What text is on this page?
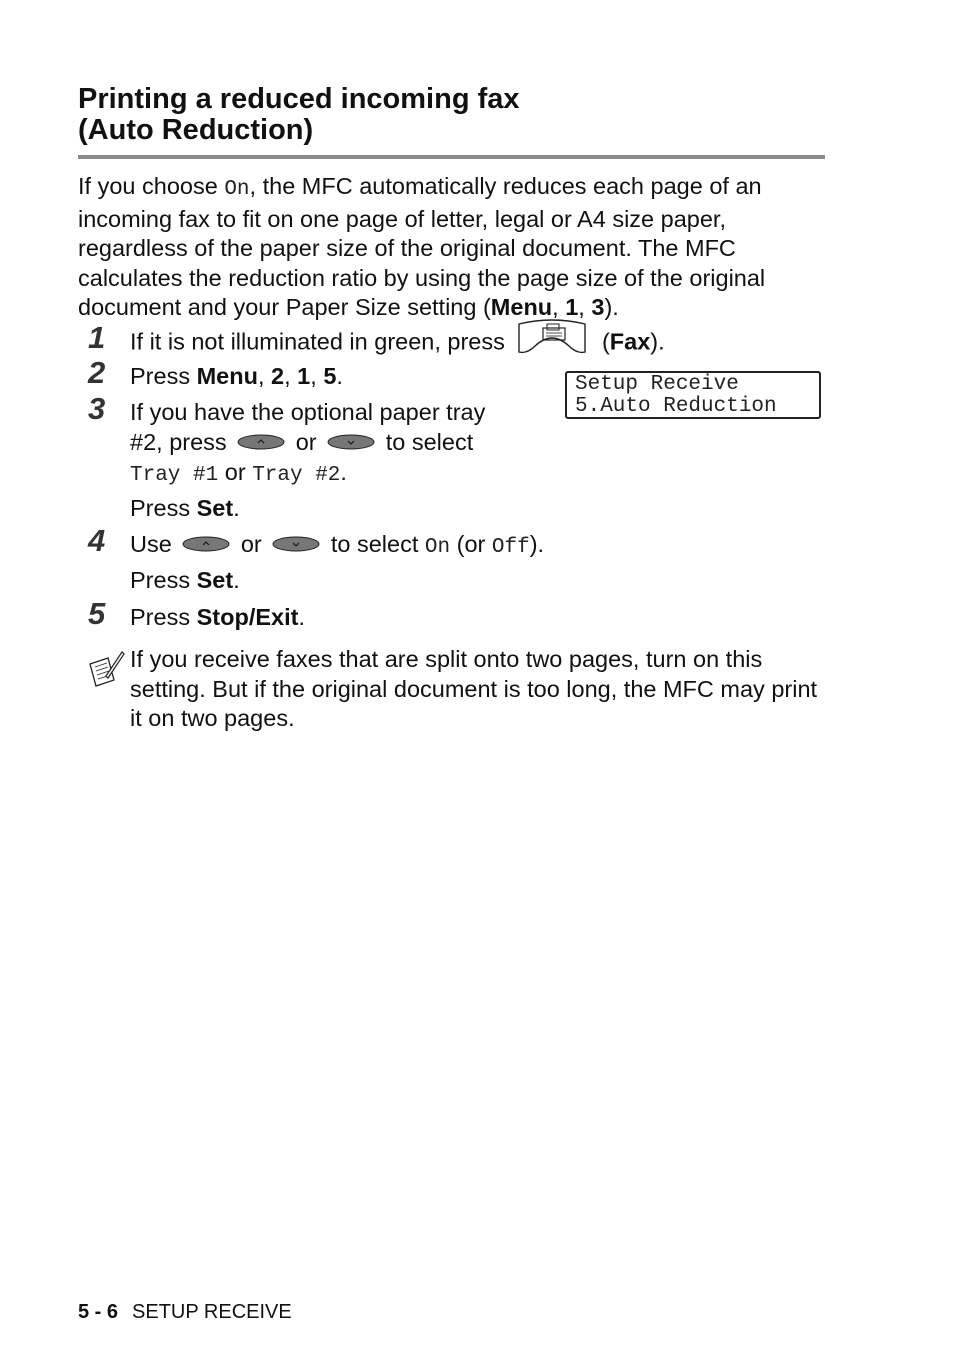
Printing a reduced incoming fax
(Auto Reduction)

If you choose On, the MFC automatically reduces each page of an incoming fax to fit on one page of letter, legal or A4 size paper, regardless of the paper size of the original document. The MFC calculates the reduction ratio by using the page size of the original document and your Paper Size setting (Menu, 1, 3).

1 If it is not illuminated in green, press	(Fax).
Setup Receive
5.Auto Reduction
2 Press Menu, 2, 1, 5.
3 If you have the optional paper tray
#2, press	or	to select
Tray #1 or Tray #2.
Press Set.
4 Use	or	to select On (or Off).
Press Set.
5 Press Stop/Exit.

If you receive faxes that are split onto two pages, turn on this setting. But if the original document is too long, the MFC may print it on two pages.

5 - 6 SETUP RECEIVE
